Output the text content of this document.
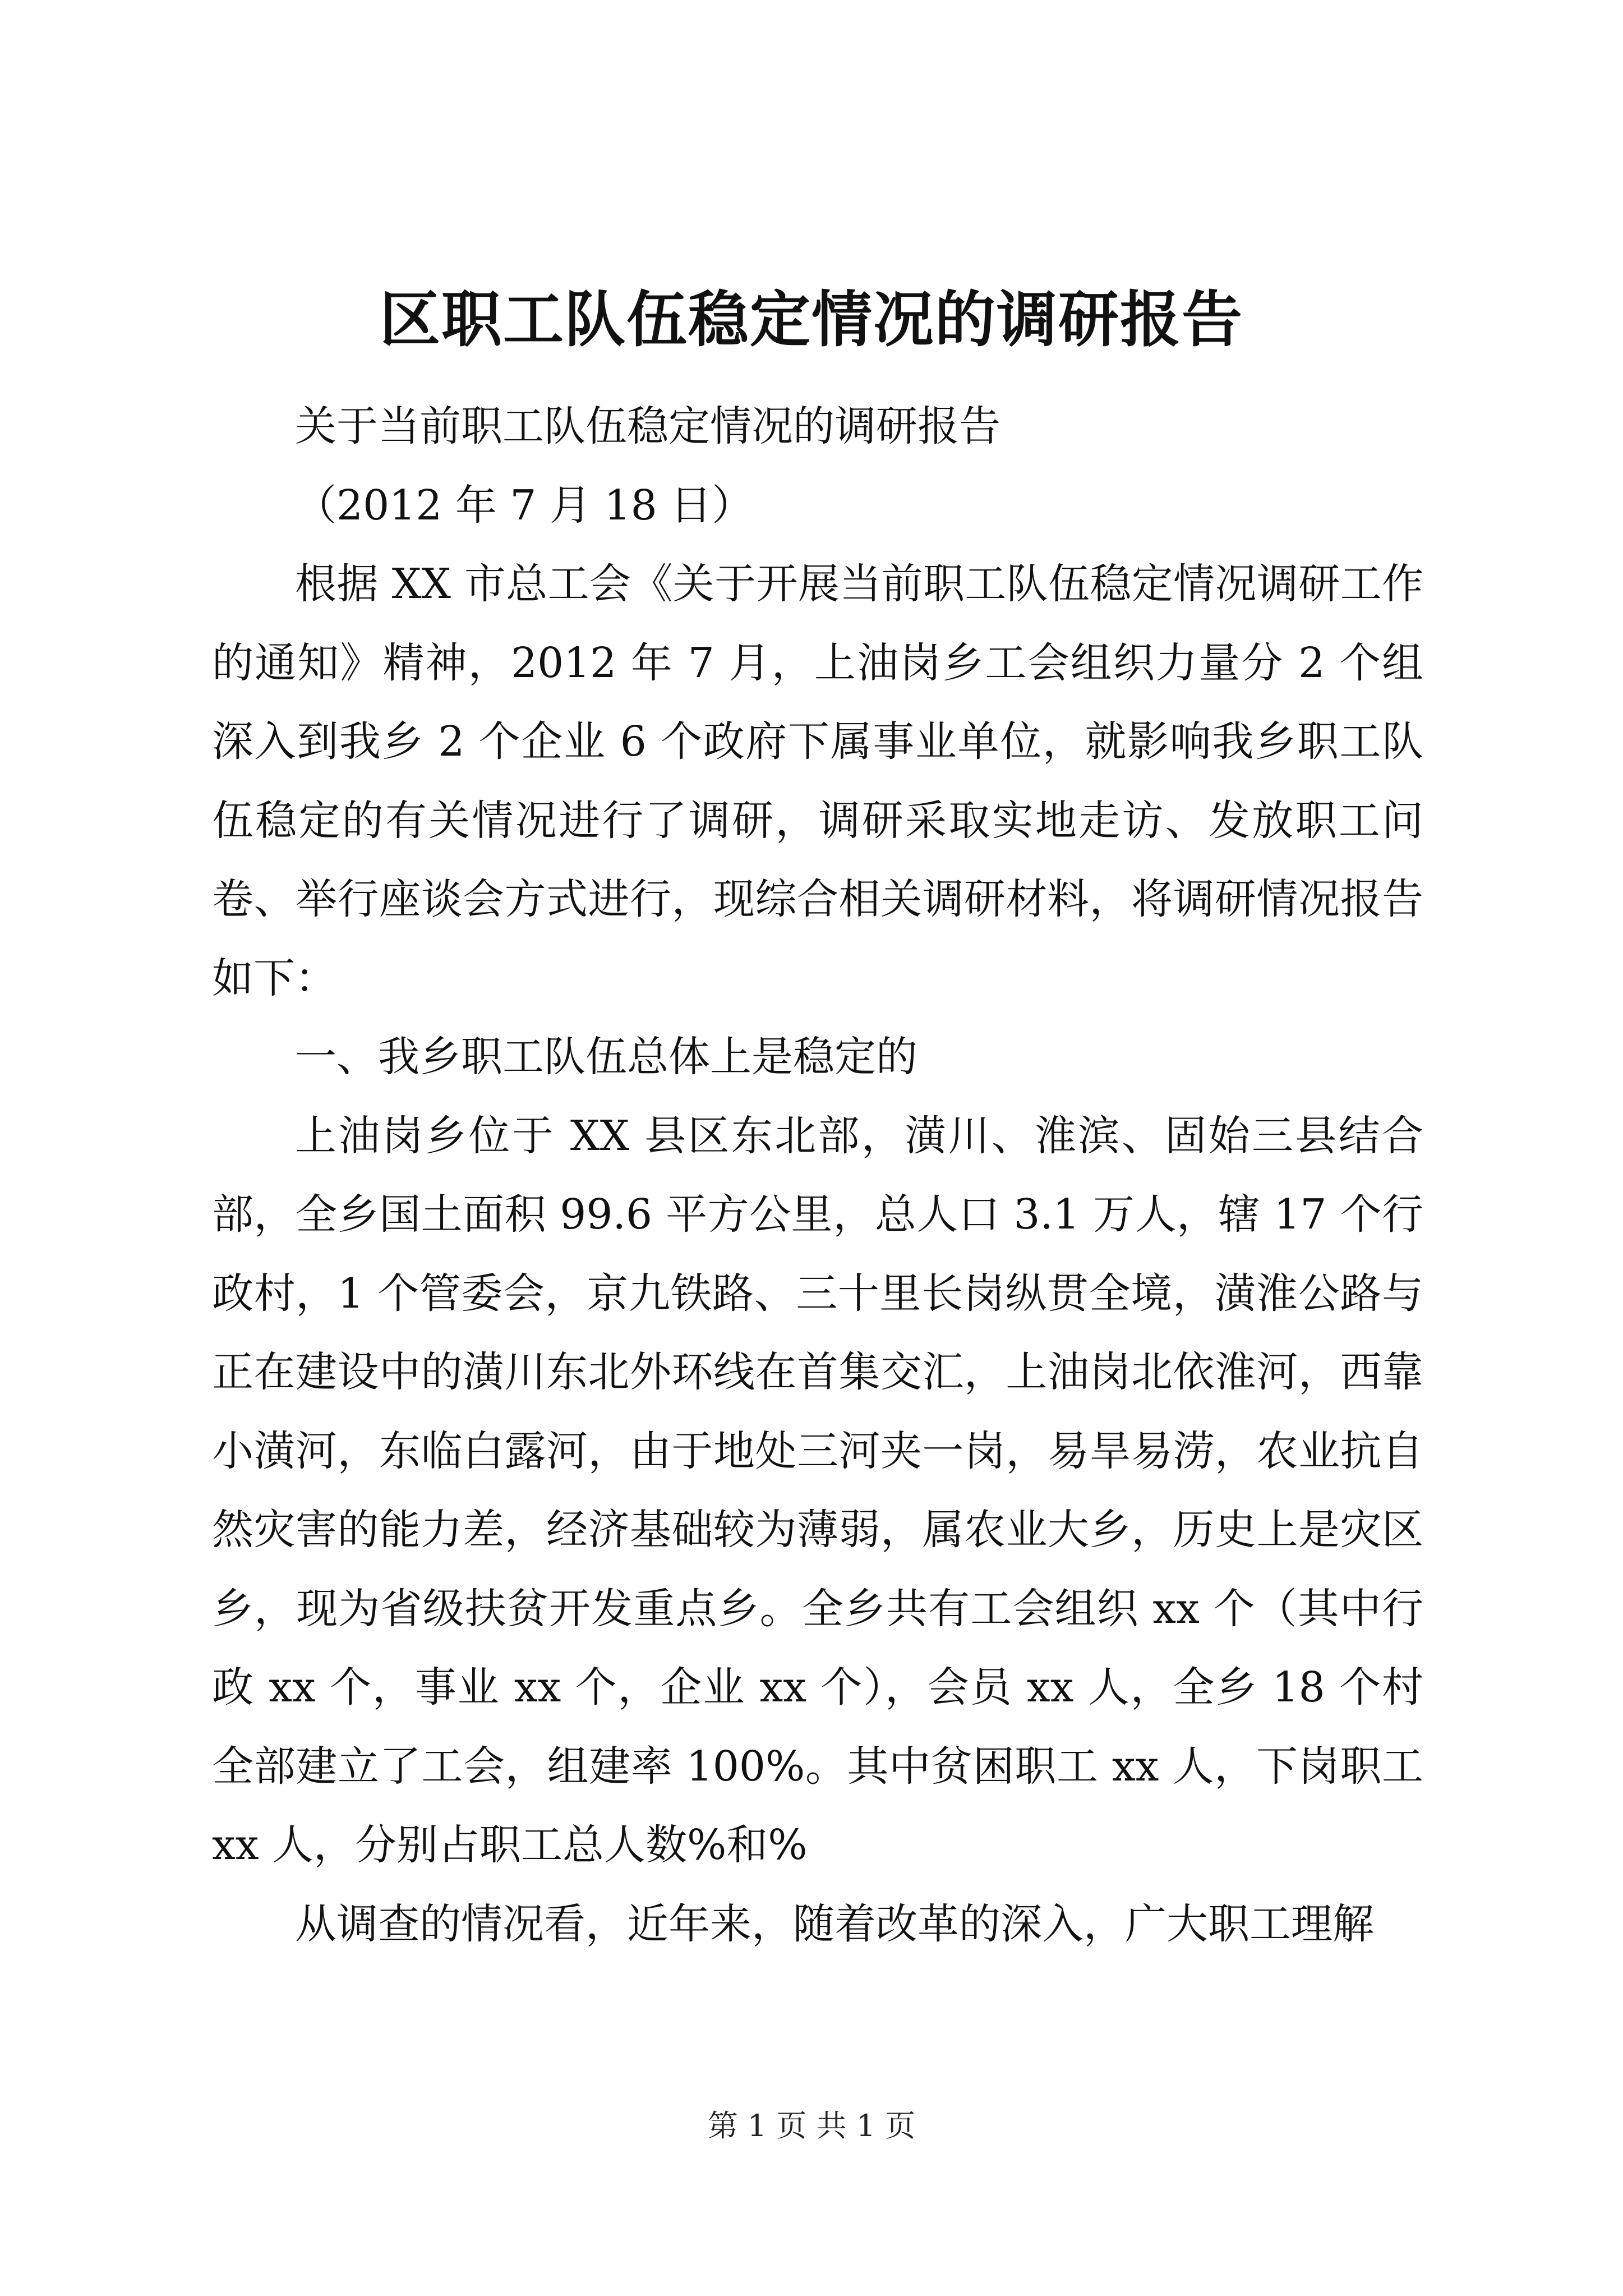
区职工队伍稳定情况的调研报告

关于当前职工队伍稳定情况的调研报告

（2012 年 7 月 18 日）

根据 XX 市总工会《关于开展当前职工队伍稳定情况调研工作的通知》精神，2012 年 7 月，上油岗乡工会组织力量分 2 个组深入到我乡 2 个企业 6 个政府下属事业单位，就影响我乡职工队伍稳定的有关情况进行了调研，调研采取实地走访、发放职工问卷、举行座谈会方式进行，现综合相关调研材料，将调研情况报告如下：

一、我乡职工队伍总体上是稳定的

上油岗乡位于 XX 县区东北部，潢川、淮滨、固始三县结合部，全乡国土面积 99.6 平方公里，总人口 3.1 万人，辖 17 个行政村，1 个管委会，京九铁路、三十里长岗纵贯全境，潢淮公路与正在建设中的潢川东北外环线在首集交汇，上油岗北依淮河，西靠小潢河，东临白露河，由于地处三河夹一岗，易旱易涝，农业抗自然灾害的能力差，经济基础较为薄弱，属农业大乡，历史上是灾区乡，现为省级扶贫开发重点乡。全乡共有工会组织 xx 个（其中行政 xx 个，事业 xx 个，企业 xx 个），会员 xx 人，全乡 18 个村全部建立了工会，组建率 100%。其中贫困职工 xx 人，下岗职工 xx 人，分别占职工总人数%和%

从调查的情况看，近年来，随着改革的深入，广大职工理解

第 1 页 共 1 页
